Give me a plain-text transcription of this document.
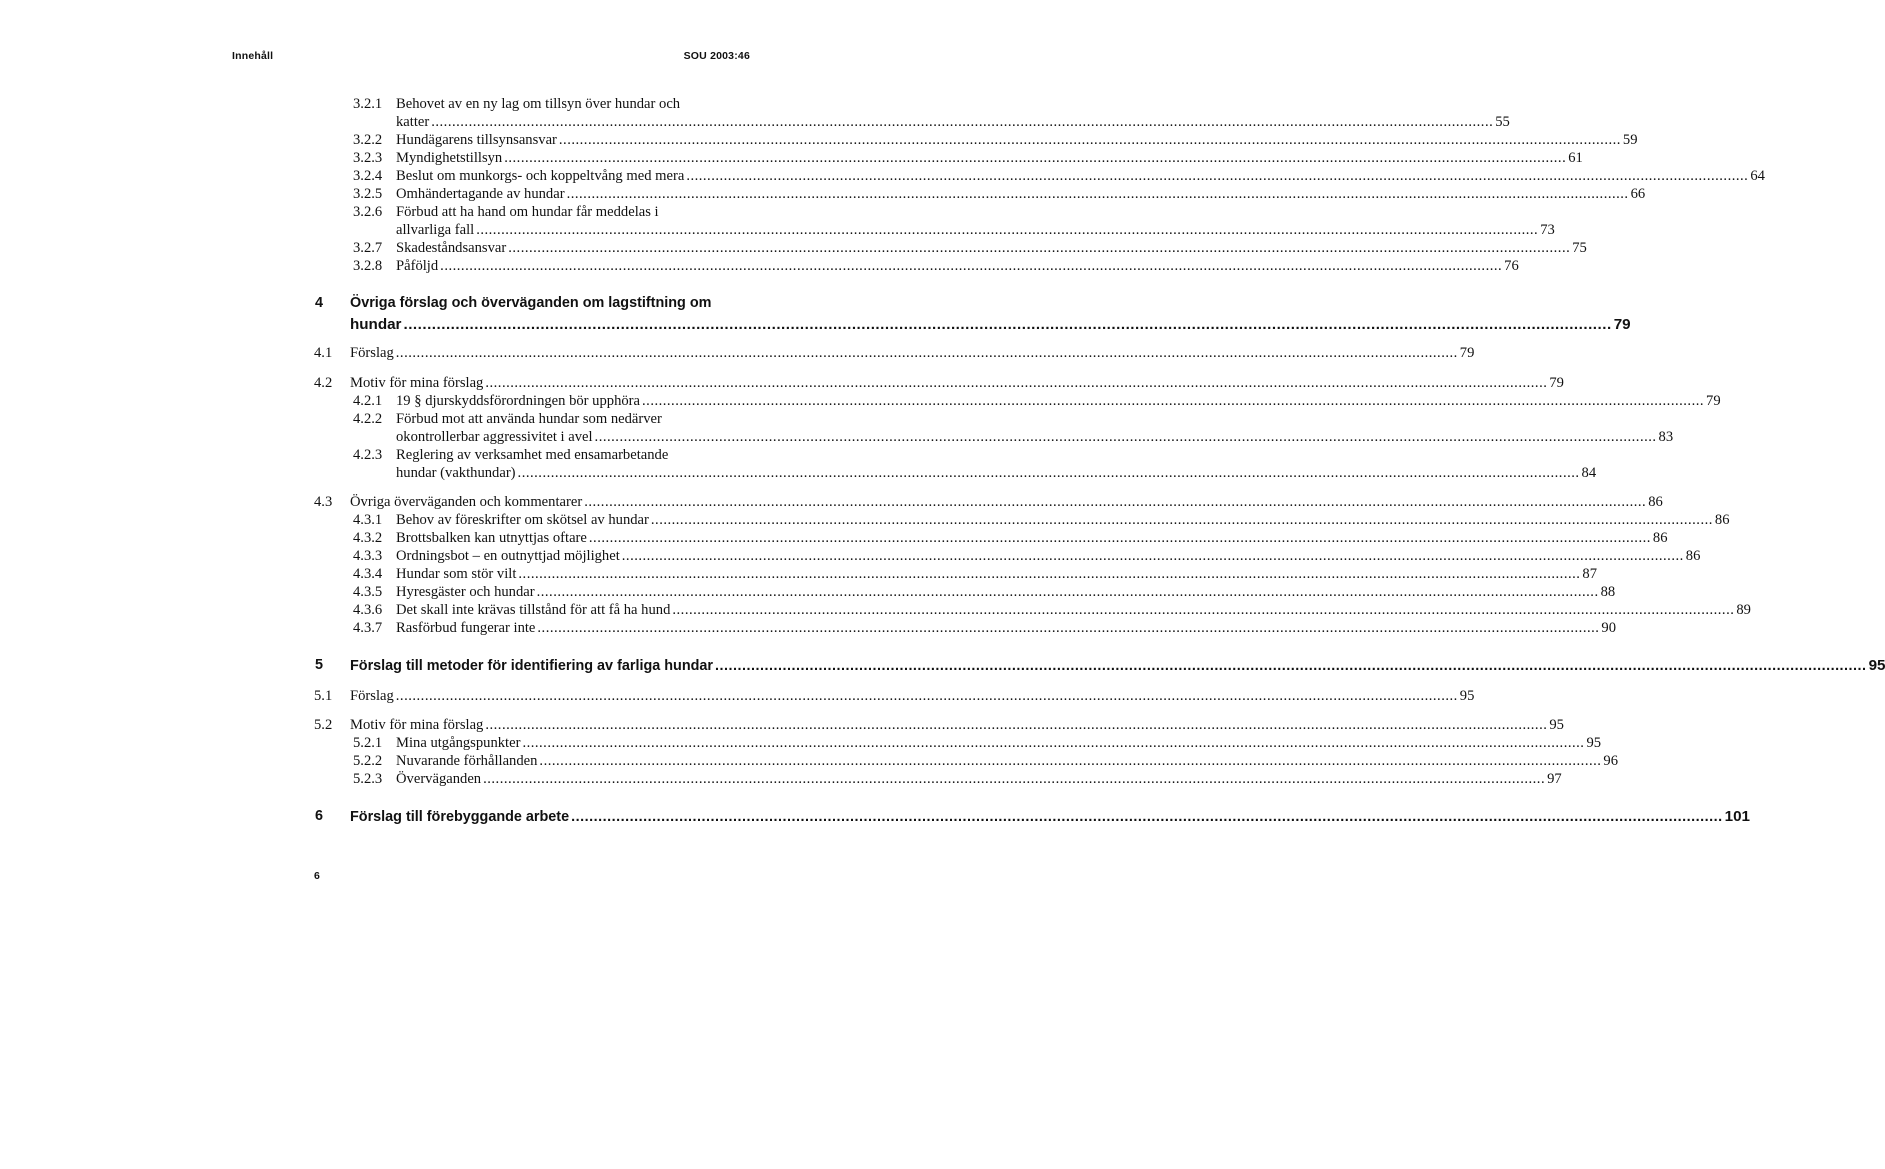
Innehåll	SOU 2003:46
3.2.1 Behovet av en ny lag om tillsyn över hundar och
katter .....	55
3.2.2 Hundägarens tillsynsansvar .....	59
3.2.3 Myndighetstillsyn .....	61
3.2.4 Beslut om munkorgs- och koppeltvång med mera .....	64
3.2.5 Omhändertagande av hundar .....	66
3.2.6 Förbud att ha hand om hundar får meddelas i
allvarliga fall .....	73
3.2.7 Skadeståndsansvar .....	75
3.2.8 Påföljd .....	76
4 Övriga förslag och överväganden om lagstiftning om
hundar .....	79
4.1 Förslag .....	79
4.2 Motiv för mina förslag .....	79
4.2.1 19 § djurskyddsförordningen bör upphöra .....	79
4.2.2 Förbud mot att använda hundar som nedärver
okontrollerbar aggressivitet i avel .....	83
4.2.3 Reglering av verksamhet med ensamarbetande
hundar (vakthundar) .....	84
4.3 Övriga överväganden och kommentarer .....	86
4.3.1 Behov av föreskrifter om skötsel av hundar .....	86
4.3.2 Brottsbalken kan utnyttjas oftare .....	86
4.3.3 Ordningsbot – en outnyttjad möjlighet .....	86
4.3.4 Hundar som stör vilt .....	87
4.3.5 Hyresgäster och hundar .....	88
4.3.6 Det skall inte krävas tillstånd för att få ha hund .....	89
4.3.7 Rasförbud fungerar inte .....	90
5 Förslag till metoder för identifiering av farliga hundar .....	95
5.1 Förslag .....	95
5.2 Motiv för mina förslag .....	95
5.2.1 Mina utgångspunkter .....	95
5.2.2 Nuvarande förhållanden .....	96
5.2.3 Överväganden .....	97
6 Förslag till förebyggande arbete .....	101
6
